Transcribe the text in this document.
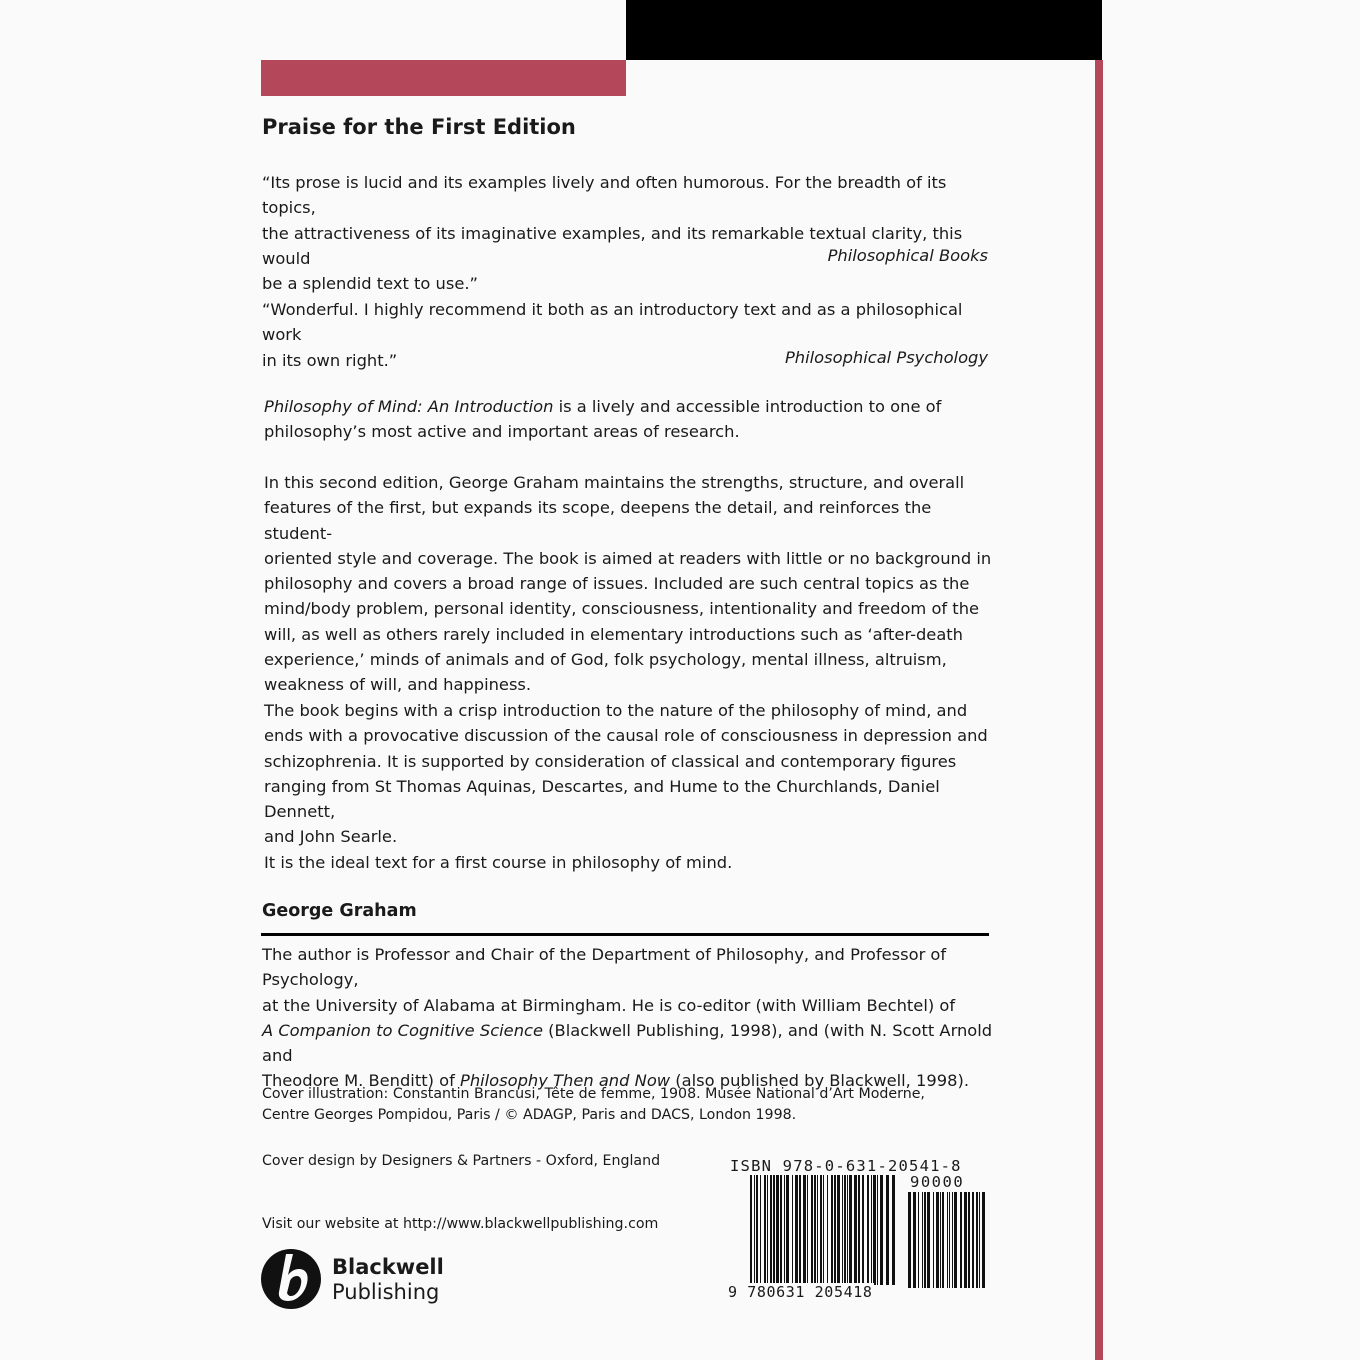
Praise for the First Edition
“Its prose is lucid and its examples lively and often humorous. For the breadth of its topics,
the attractiveness of its imaginative examples, and its remarkable textual clarity, this would
be a splendid text to use.”
Philosophical Books
“Wonderful. I highly recommend it both as an introductory text and as a philosophical work
in its own right.”	Philosophical Psychology
Philosophy of Mind: An Introduction is a lively and accessible introduction to one of philosophy’s most active and important areas of research.
In this second edition, George Graham maintains the strengths, structure, and overall
features of the first, but expands its scope, deepens the detail, and reinforces the student-
oriented style and coverage. The book is aimed at readers with little or no background in
philosophy and covers a broad range of issues. Included are such central topics as the
mind/body problem, personal identity, consciousness, intentionality and freedom of the
will, as well as others rarely included in elementary introductions such as ‘after-death
experience,’ minds of animals and of God, folk psychology, mental illness, altruism,
weakness of will, and happiness.
The book begins with a crisp introduction to the nature of the philosophy of mind, and
ends with a provocative discussion of the causal role of consciousness in depression and
schizophrenia. It is supported by consideration of classical and contemporary figures
ranging from St Thomas Aquinas, Descartes, and Hume to the Churchlands, Daniel Dennett,
and John Searle.
It is the ideal text for a first course in philosophy of mind.
George Graham
The author is Professor and Chair of the Department of Philosophy, and Professor of Psychology,
at the University of Alabama at Birmingham. He is co-editor (with William Bechtel) of
A Companion to Cognitive Science (Blackwell Publishing, 1998), and (with N. Scott Arnold and
Theodore M. Benditt) of Philosophy Then and Now (also published by Blackwell, 1998).
Cover illustration: Constantin Brancusi, Tête de femme, 1908. Musée National d’Art Moderne,
Centre Georges Pompidou, Paris / © ADAGP, Paris and DACS, London 1998.
Cover design by Designers & Partners - Oxford, England
Visit our website at http://www.blackwellpublishing.com
Blackwell
Publishing
ISBN 978-0-631-20541-8
90000
9 780631 205418
